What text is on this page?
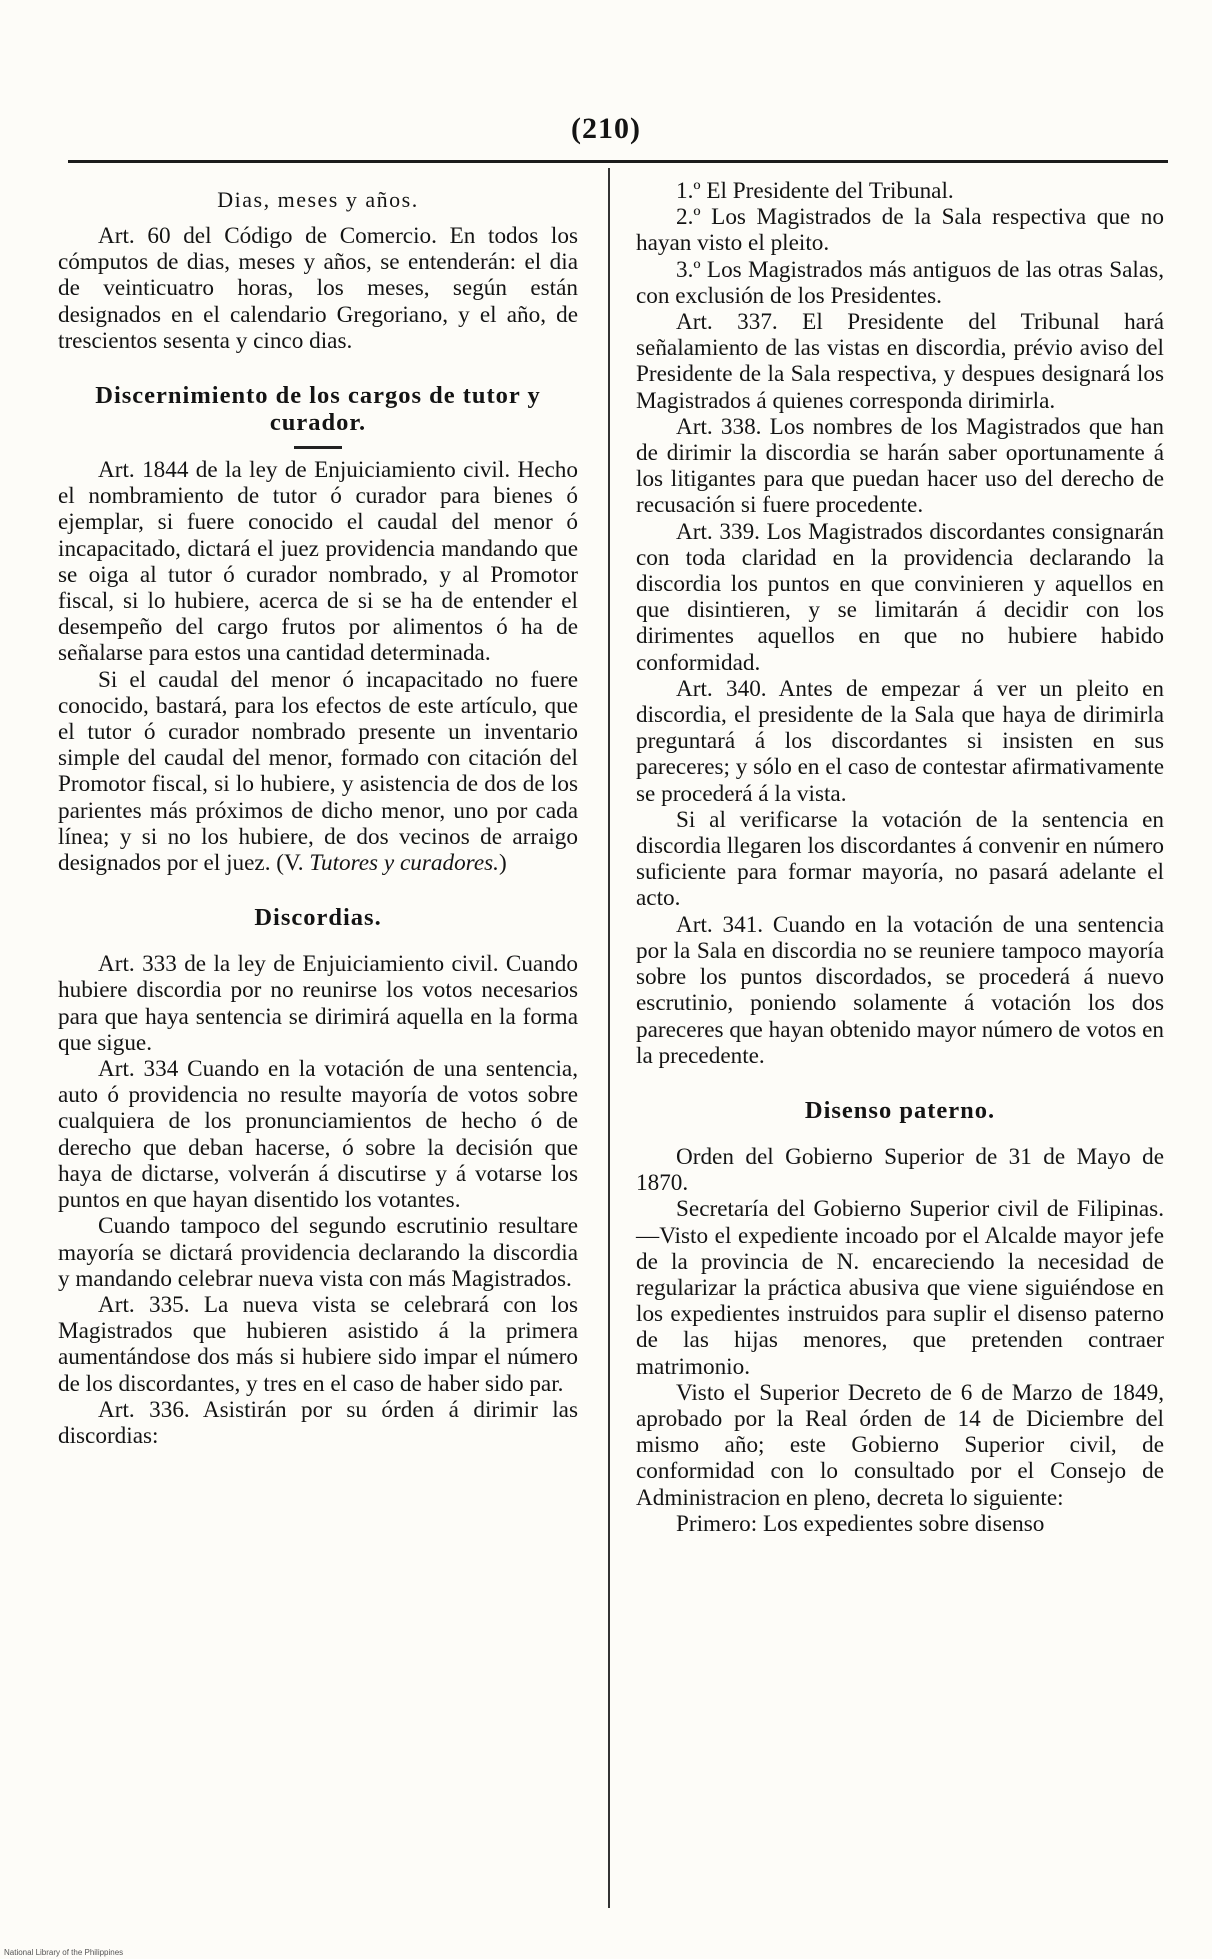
(210)
Dias, meses y años.

Art. 60 del Código de Comercio. En todos los cómputos de dias, meses y años, se entenderán: el dia de veinticuatro horas, los meses, según están designados en el calendario Gregoriano, y el año, de trescientos sesenta y cinco dias.

Discernimiento de los cargos de tutor y curador.

Art. 1844 de la ley de Enjuiciamiento civil. Hecho el nombramiento de tutor ó curador para bienes ó ejemplar, si fuere conocido el caudal del menor ó incapacitado, dictará el juez providencia mandando que se oiga al tutor ó curador nombrado, y al Promotor fiscal, si lo hubiere, acerca de si se ha de entender el desempeño del cargo frutos por alimentos ó ha de señalarse para estos una cantidad determinada.

Si el caudal del menor ó incapacitado no fuere conocido, bastará, para los efectos de este artículo, que el tutor ó curador nombrado presente un inventario simple del caudal del menor, formado con citación del Promotor fiscal, si lo hubiere, y asistencia de dos de los parientes más próximos de dicho menor, uno por cada línea; y si no los hubiere, de dos vecinos de arraigo designados por el juez. (V. Tutores y curadores.)

Discordias.

Art. 333 de la ley de Enjuiciamiento civil. Cuando hubiere discordia por no reunirse los votos necesarios para que haya sentencia se dirimirá aquella en la forma que sigue.

Art. 334 Cuando en la votación de una sentencia, auto ó providencia no resulte mayoría de votos sobre cualquiera de los pronunciamientos de hecho ó de derecho que deban hacerse, ó sobre la decisión que haya de dictarse, volverán á discutirse y á votarse los puntos en que hayan disentido los votantes.

Cuando tampoco del segundo escrutinio resultare mayoría se dictará providencia declarando la discordia y mandando celebrar nueva vista con más Magistrados.

Art. 335. La nueva vista se celebrará con los Magistrados que hubieren asistido á la primera aumentándose dos más si hubiere sido impar el número de los discordantes, y tres en el caso de haber sido par.

Art. 336. Asistirán por su órden á dirimir las discordias:

1.º El Presidente del Tribunal.

2.º Los Magistrados de la Sala respectiva que no hayan visto el pleito.

3.º Los Magistrados más antiguos de las otras Salas, con exclusión de los Presidentes.

Art. 337. El Presidente del Tribunal hará señalamiento de las vistas en discordia, prévio aviso del Presidente de la Sala respectiva, y despues designará los Magistrados á quienes corresponda dirimirla.

Art. 338. Los nombres de los Magistrados que han de dirimir la discordia se harán saber oportunamente á los litigantes para que puedan hacer uso del derecho de recusación si fuere procedente.

Art. 339. Los Magistrados discordantes consignarán con toda claridad en la providencia declarando la discordia los puntos en que convinieren y aquellos en que disintieren, y se limitarán á decidir con los dirimentes aquellos en que no hubiere habido conformidad.

Art. 340. Antes de empezar á ver un pleito en discordia, el presidente de la Sala que haya de dirimirla preguntará á los discordantes si insisten en sus pareceres; y sólo en el caso de contestar afirmativamente se procederá á la vista.

Si al verificarse la votación de la sentencia en discordia llegaren los discordantes á convenir en número suficiente para formar mayoría, no pasará adelante el acto.

Art. 341. Cuando en la votación de una sentencia por la Sala en discordia no se reuniere tampoco mayoría sobre los puntos discordados, se procederá á nuevo escrutinio, poniendo solamente á votación los dos pareceres que hayan obtenido mayor número de votos en la precedente.

Disenso paterno.

Orden del Gobierno Superior de 31 de Mayo de 1870.

Secretaría del Gobierno Superior civil de Filipinas.—Visto el expediente incoado por el Alcalde mayor jefe de la provincia de N. encareciendo la necesidad de regularizar la práctica abusiva que viene siguiéndose en los expedientes instruidos para suplir el disenso paterno de las hijas menores, que pretenden contraer matrimonio.

Visto el Superior Decreto de 6 de Marzo de 1849, aprobado por la Real órden de 14 de Diciembre del mismo año; este Gobierno Superior civil, de conformidad con lo consultado por el Consejo de Administracion en pleno, decreta lo siguiente:

Primero: Los expedientes sobre disenso

National Library of the Philippines
